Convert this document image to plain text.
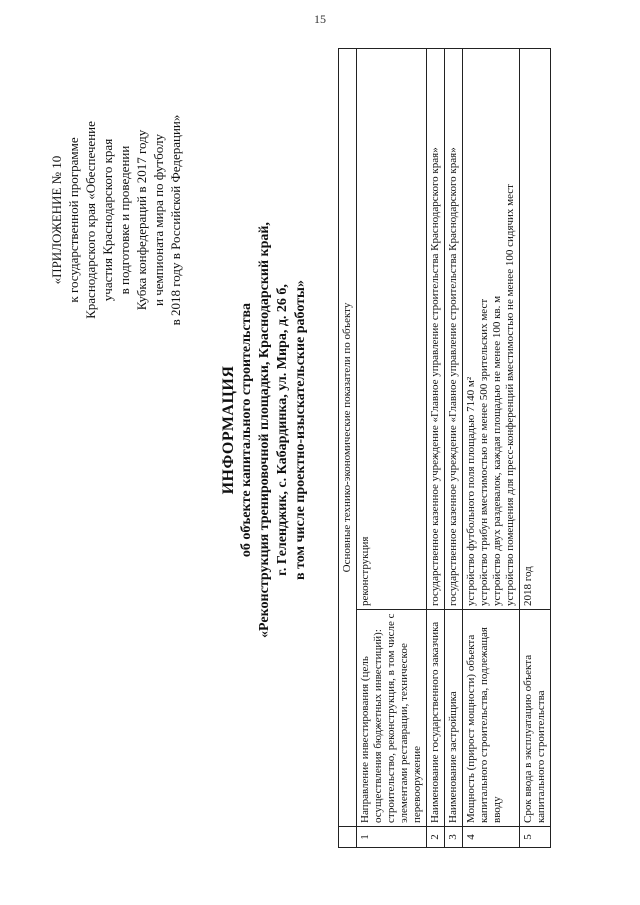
15
«ПРИЛОЖЕНИЕ № 10 к государственной программе Краснодарского края «Обеспечение участия Краснодарского края в подготовке и проведении Кубка конфедераций в 2017 году и чемпионата мира по футболу в 2018 году в Российской Федерации»
ИНФОРМАЦИЯ об объекте капитального строительства «Реконструкция тренировочной площадки, Краснодарский край, г. Геленджик, с. Кабардинка, ул. Мира, д. 26 б, в том числе проектно-изыскательские работы»
		Основные технико-экономические показатели по объекту	
1	Направление инвестирования (цель осуществления бюджетных инвестиций): строительство, реконструкция, в том числе с элементами реставрации, техническое перевооружение	реконструкция
2	Наименование государственного заказчика	государственное казенное учреждение «Главное управление строительства Краснодарского края»
3	Наименование застройщика	государственное казенное учреждение «Главное управление строительства Краснодарского края»
4	Мощность (прирост мощности) объекта капитального строительства, подлежащая вводу	устройство футбольного поля площадью 7140 м² устройство трибун вместимостью не менее 500 зрительских мест устройство двух раздевалок, каждая площадью не менее 100 кв. м устройство помещения для пресс-конференций вместимостью не менее 100 сидячих мест

5	Срок ввода в эксплуатацию объекта капитального строительства	2018 год
